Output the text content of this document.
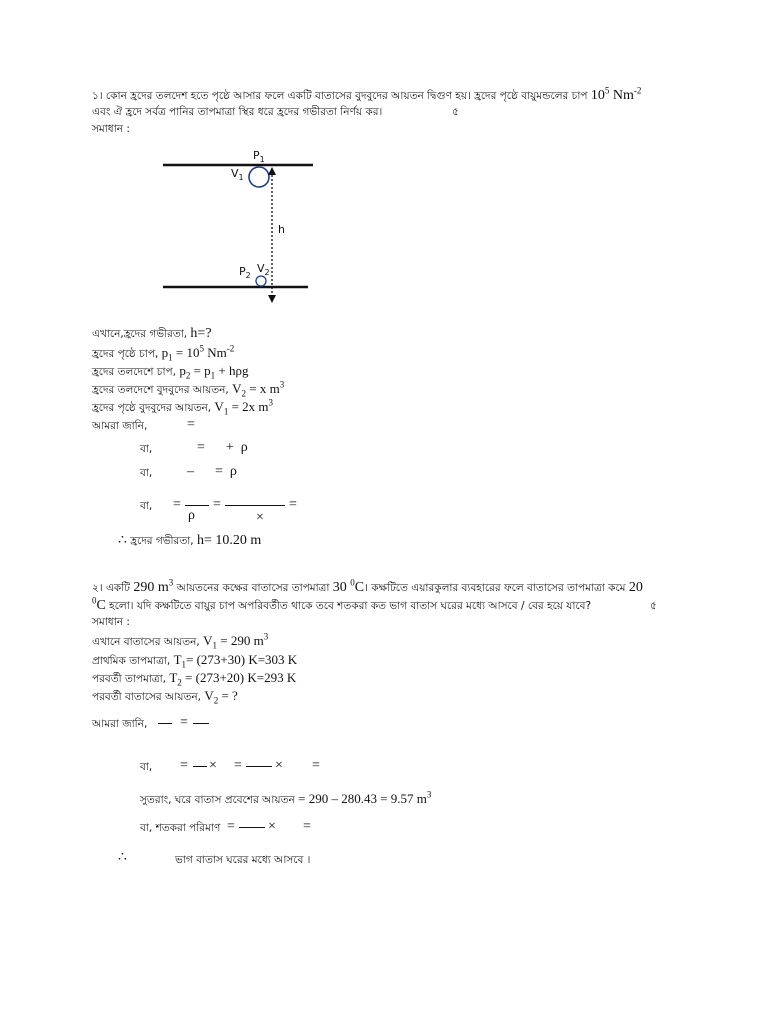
১। কোন হ্রদের তলদেশ হতে পৃষ্ঠে আসার ফলে একটি বাতাসের বুদবুদের আয়তন দ্বিগুণ হয়। হ্রদের পৃষ্ঠে বায়ুমন্ডলের চাপ $10^5$ $Nm^{-2}$
এবং ঐ হ্রদে সর্বত্র পানির তাপমাত্রা স্থির ধরে হ্রদের গভীরতা নির্ণয় কর।	৫
সমাধান :
$P_1$
$V_1$
h
$P_2$
$V_2$
এখানে,হ্রদের গভীরতা, h=?
হ্রদের পৃষ্ঠে চাপ, $p_1 = 10^5$ $Nm^{-2}$
হ্রদের তলদেশে চাপ, $p_2 = p_1 + h\rho g$
হ্রদের তলদেশে বুদবুদের আয়তন, $V_2 = x$ $m^3$
হ্রদের পৃষ্ঠে বুদবুদের আয়তন, $V_1 = 2x$ $m^3$
আমরা জানি,	=
বা,	=      +  ρ
বা, –      =  ρ
বা, =
ρ
=
×
=
∴ হ্রদের গভীরতা, h= 10.20 m
২। একটি 290 $m^3$ আয়তনের কক্ষের বাতাসের তাপমাত্রা 30 $^0$C। কক্ষটিতে এয়ারকুলার ব্যবহারের ফলে বাতাসের তাপমাত্রা কমে 20
$^0$C হলো। যদি কক্ষটিতে বায়ুর চাপ অপরিবর্তীত থাকে তবে শতকরা কত ভাগ বাতাস ঘরের মধ্যে আসবে / বের হয়ে যাবে?	৫
সমাধান :
এখানে বাতাসের আয়তন, $V_1 = 290$ $m^3$
প্রাথমিক তাপমাত্রা, $T_1= (273+30)$ K=303 K
পরবর্তী তাপমাত্রা, $T_2 = (273+20)$ K=293 K
পরবর্তী বাতাসের আয়তন, $V_2$ = ?
আমরা জানি, =
বা, = × = × =
সুতরাং, ঘরে বাতাস প্রবেশের আয়তন = 290 – 280.43 = 9.57 $m^3$
বা, শতকরা পরিমাণ = × =
∴	ভাগ বাতাস ঘরের মধ্যে আসবে ।
